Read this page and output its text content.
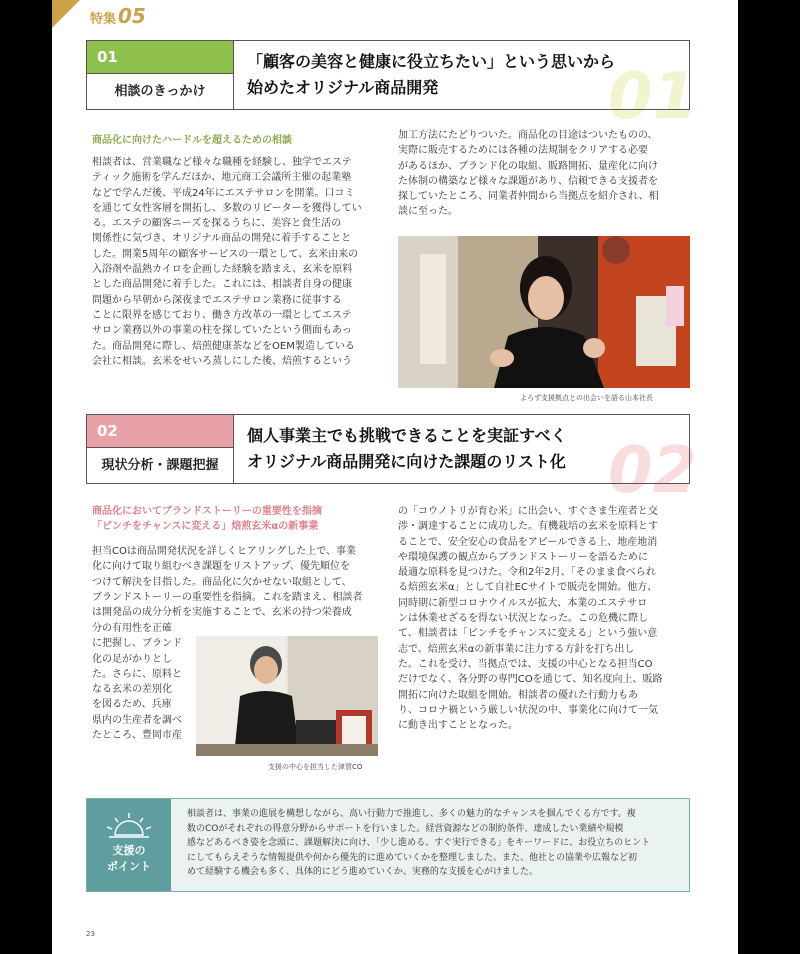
特集 05
01
01
相談のきっかけ
「顧客の美容と健康に役立ちたい」という思いから
始めたオリジナル商品開発
商品化に向けたハードルを超えるための相談
相談者は、営業職など様々な職種を経験し、独学でエステ
ティック施術を学んだほか、地元商工会議所主催の起業塾
などで学んだ後、平成24年にエステサロンを開業。口コミ
を通じて女性客層を開拓し、多数のリピーターを獲得してい
る。エステの顧客ニーズを探るうちに、美容と食生活の
関係性に気づき、オリジナル商品の開発に着手することと
した。開業5周年の顧客サービスの一環として、玄米由来の
入浴剤や温熱カイロを企画した経験を踏まえ、玄米を原料
とした商品開発に着手した。これには、相談者自身の健康
問題から早朝から深夜までエステサロン業務に従事する
ことに限界を感じており、働き方改革の一環としてエステ
サロン業務以外の事業の柱を探していたという側面もあっ
た。商品開発に際し、焙煎健康茶などをOEM製造している
会社に相談。玄米をせいろ蒸しにした後、焙煎するという
加工方法にたどりついた。商品化の目途はついたものの、
実際に販売するためには各種の法規制をクリアする必要
があるほか、ブランド化の取組、販路開拓、量産化に向け
た体制の構築など様々な課題があり、信頼できる支援者を
探していたところ、同業者仲間から当拠点を紹介され、相
談に至った。
よろず支援拠点との出会いを語る山本社長
02
02
現状分析・課題把握
個人事業主でも挑戦できることを実証すべく
オリジナル商品開発に向けた課題のリスト化
商品化においてブランドストーリーの重要性を指摘
「ピンチをチャンスに変える」焙煎玄米αの新事業
担当COは商品開発状況を詳しくヒアリングした上で、事業
化に向けて取り組むべき課題をリストアップ、優先順位を
つけて解決を目指した。商品化に欠かせない取組として、
ブランドストーリーの重要性を指摘。これを踏まえ、相談者
は開発品の成分分析を実施することで、玄米の持つ栄養成
分の有用性を正確
に把握し、ブランド
化の足がかりとし
た。さらに、原料と
なる玄米の差別化
を図るため、兵庫
県内の生産者を調べ
たところ、豊岡市産
支援の中心を担当した津賀CO
の「コウノトリが育む米」に出会い、すぐさま生産者と交
渉・調達することに成功した。有機栽培の玄米を原料とす
ることで、安全安心の食品をアピールできる上、地産地消
や環境保護の観点からブランドストーリーを語るために
最適な原料を見つけた。令和2年2月、「そのまま食べられ
る焙煎玄米α」として自社ECサイトで販売を開始。他方、
同時期に新型コロナウイルスが拡大、本業のエステサロ
ンは休業せざるを得ない状況となった。この危機に際し
て、相談者は「ピンチをチャンスに変える」という強い意
志で、焙煎玄米αの新事業に注力する方針を打ち出し
た。これを受け、当拠点では、支援の中心となる担当CO
だけでなく、各分野の専門COを通じて、知名度向上、販路
開拓に向けた取組を開始。相談者の優れた行動力もあ
り、コロナ禍という厳しい状況の中、事業化に向けて一気
に動き出すこととなった。
支援の
ポイント
相談者は、事業の進展を構想しながら、高い行動力で推進し、多くの魅力的なチャンスを掴んでくる方です。複
数のCOがそれぞれの得意分野からサポートを行いました。経営資源などの制約条件、達成したい業績や規模
感などあるべき姿を念頭に、課題解決に向け、「少し進める、すぐ実行できる」をキーワードに、お役立ちのヒント
にしてもらえそうな情報提供や何から優先的に進めていくかを整理しました。また、他社との協業や広報など初
めて経験する機会も多く、具体的にどう進めていくか、実務的な支援を心がけました。
23
